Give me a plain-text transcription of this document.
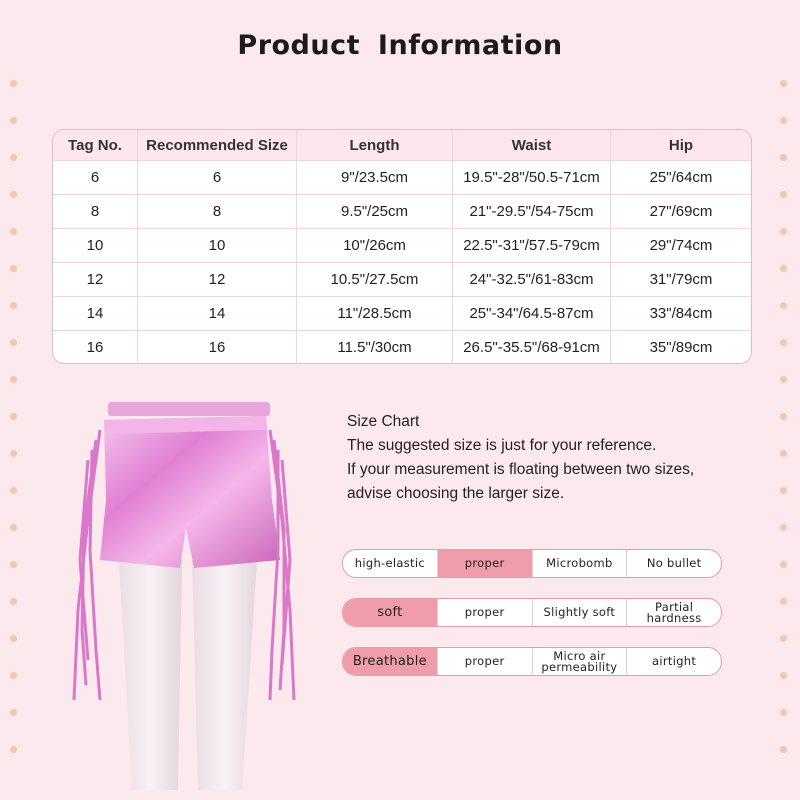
Product Information
Tag No.	Recommended Size	Length	Waist	Hip
6	6	9"/23.5cm	19.5"-28"/50.5-71cm	25"/64cm
8	8	9.5"/25cm	21"-29.5"/54-75cm	27"/69cm
10	10	10"/26cm	22.5"-31"/57.5-79cm	29"/74cm
12	12	10.5"/27.5cm	24"-32.5"/61-83cm	31"/79cm
14	14	11"/28.5cm	25"-34"/64.5-87cm	33"/84cm
16	16	11.5"/30cm	26.5"-35.5"/68-91cm	35"/89cm
Size Chart
The suggested size is just for your reference.
If your measurement is floating between two sizes,
advise choosing the larger size.
high-elastic	proper	Microbomb	No bullet
soft	proper	Slightly soft	Partial hardness
Breathable	proper	Micro air permeability	airtight
